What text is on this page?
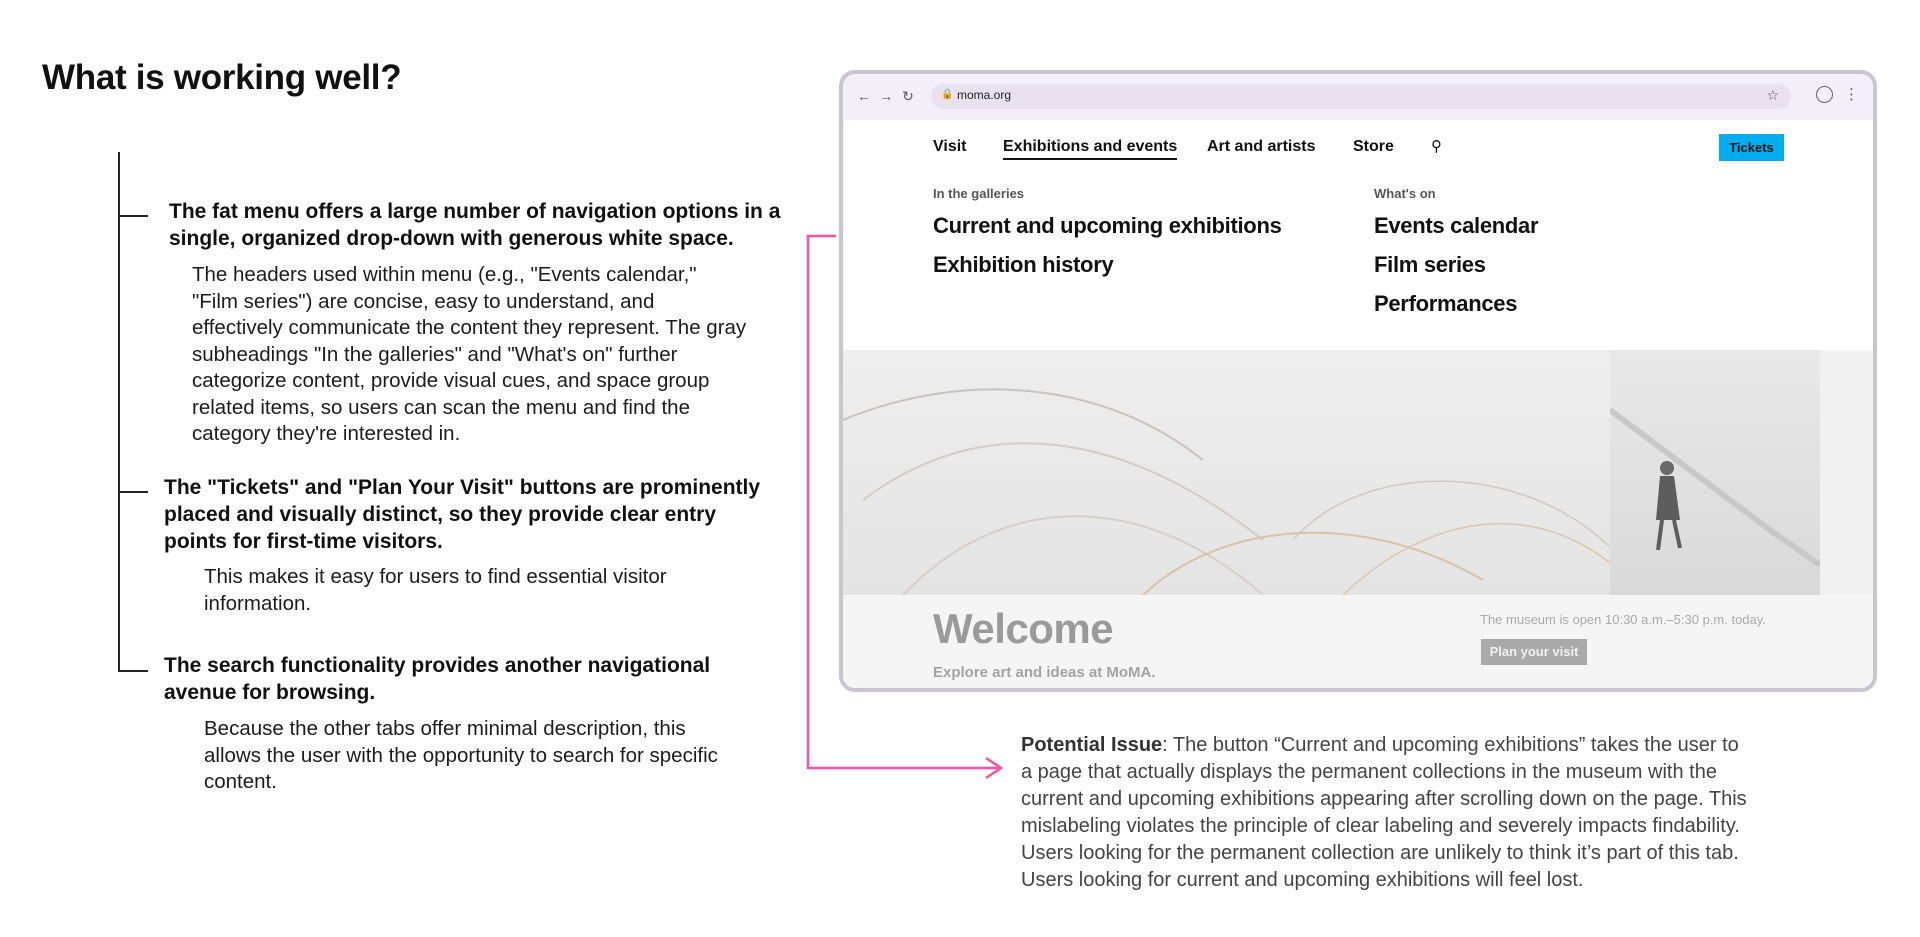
What is working well?

The fat menu offers a large number of navigation options in a single, organized drop-down with generous white space.

The headers used within menu (e.g., "Events calendar," "Film series") are concise, easy to understand, and effectively communicate the content they represent. The gray subheadings "In the galleries" and "What's on" further categorize content, provide visual cues, and space group related items, so users can scan the menu and find the category they're interested in.

The "Tickets" and "Plan Your Visit" buttons are prominently placed and visually distinct, so they provide clear entry points for first-time visitors.

This makes it easy for users to find essential visitor information.

The search functionality provides another navigational avenue for browsing.

Because the other tabs offer minimal description, this allows the user with the opportunity to search for specific content.

← → ↻	🔒 moma.org	☆	⋮
Visit Exhibitions and events Art and artists Store ⚲	Tickets
In the galleries
Current and upcoming exhibitions
Exhibition history
What's on
Events calendar
Film series
Performances
Welcome
Explore art and ideas at MoMA.
The museum is open 10:30 a.m.–5:30 p.m. today.
Plan your visit

Potential Issue: The button “Current and upcoming exhibitions” takes the user to a page that actually displays the permanent collections in the museum with the current and upcoming exhibitions appearing after scrolling down on the page. This mislabeling violates the principle of clear labeling and severely impacts findability. Users looking for the permanent collection are unlikely to think it’s part of this tab. Users looking for current and upcoming exhibitions will feel lost.
